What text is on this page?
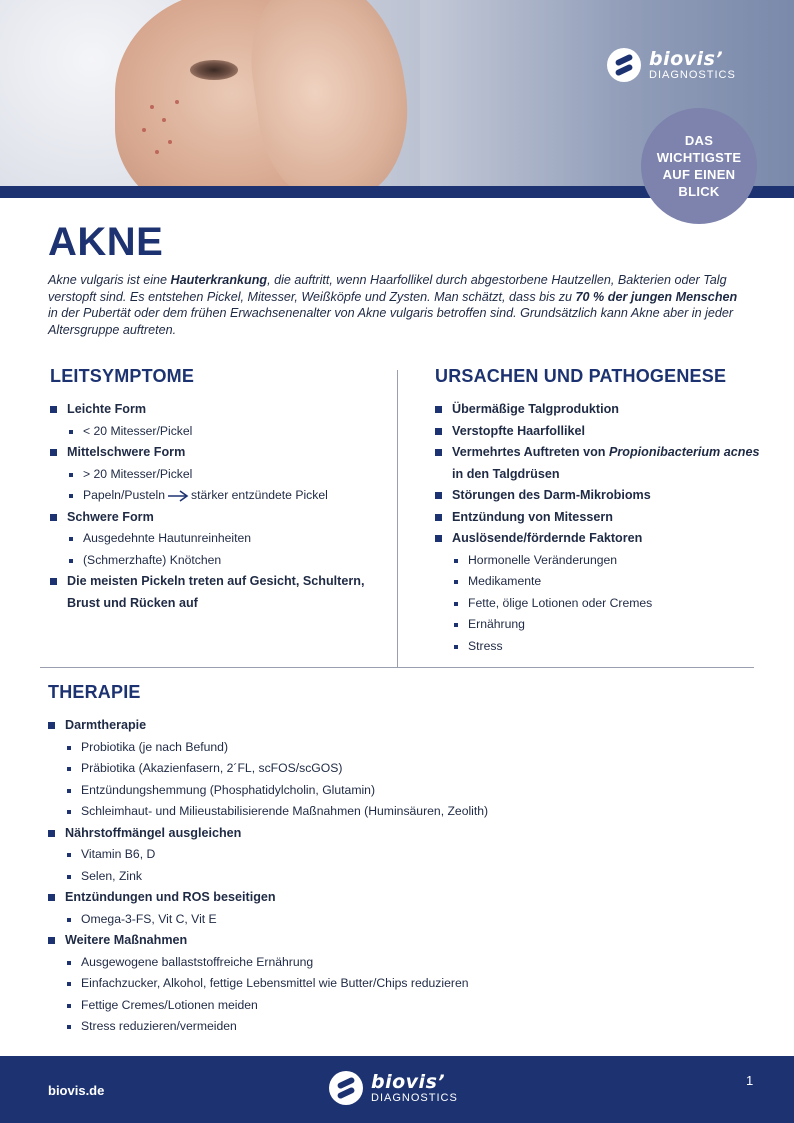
biovis’
DIAGNOSTICS
DAS
WICHTIGSTE
AUF EINEN
BLICK
AKNE

Akne vulgaris ist eine Hauterkrankung, die auftritt, wenn Haarfollikel durch abgestorbene Hautzellen, Bakterien oder Talg verstopft sind. Es entstehen Pickel, Mitesser, Weißköpfe und Zysten. Man schätzt, dass bis zu 70 % der jungen Menschen in der Pubertät oder dem frühen Erwachsenenalter von Akne vulgaris betroffen sind. Grundsätzlich kann Akne aber in jeder Altersgruppe auftreten.

LEITSYMPTOME
Leichte Form
< 20 Mitesser/Pickel
Mittelschwere Form
> 20 Mitesser/Pickel
Papeln/Pusteln stärker entzündete Pickel
Schwere Form
Ausgedehnte Hautunreinheiten
(Schmerzhafte) Knötchen
Die meisten Pickeln treten auf Gesicht, Schultern, Brust und Rücken auf
URSACHEN UND PATHOGENESE
Übermäßige Talgproduktion
Verstopfte Haarfollikel
Vermehrtes Auftreten von Propionibacterium acnes in den Talgdrüsen
Störungen des Darm-Mikrobioms
Entzündung von Mitessern
Auslösende/fördernde Faktoren
Hormonelle Veränderungen
Medikamente
Fette, ölige Lotionen oder Cremes
Ernährung
Stress
THERAPIE
Darmtherapie
Probiotika (je nach Befund)
Präbiotika (Akazienfasern, 2´FL, scFOS/scGOS)
Entzündungshemmung (Phosphatidylcholin, Glutamin)
Schleimhaut- und Milieustabilisierende Maßnahmen (Huminsäuren, Zeolith)
Nährstoffmängel ausgleichen
Vitamin B6, D
Selen, Zink
Entzündungen und ROS beseitigen
Omega-3-FS, Vit C, Vit E
Weitere Maßnahmen
Ausgewogene ballaststoffreiche Ernährung
Einfachzucker, Alkohol, fettige Lebensmittel wie Butter/Chips reduzieren
Fettige Cremes/Lotionen meiden
Stress reduzieren/vermeiden
biovis.de	biovis’
DIAGNOSTICS
1
